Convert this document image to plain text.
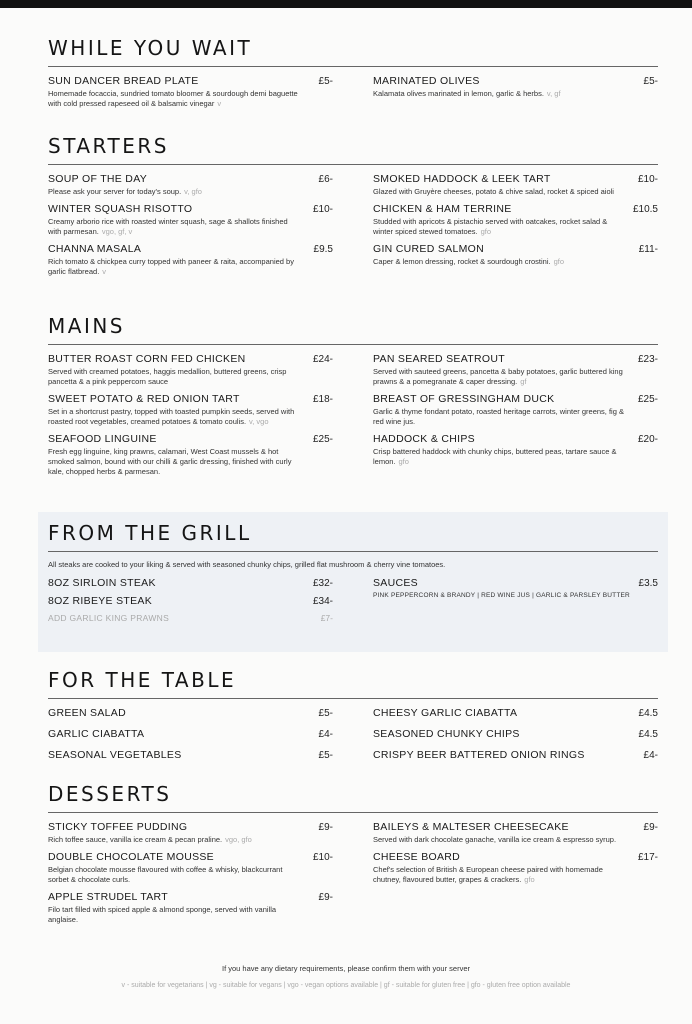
WHILE YOU WAIT
SUN DANCER BREAD PLATE	£5-
Homemade focaccia, sundried tomato bloomer & sourdough demi baguette with cold pressed rapeseed oil & balsamic vinegar v
MARINATED OLIVES	£5-
Kalamata olives marinated in lemon, garlic & herbs. v, gf
STARTERS
SOUP OF THE DAY	£6-
Please ask your server for today's soup. v, gfo
WINTER SQUASH RISOTTO	£10-
Creamy arborio rice with roasted winter squash, sage & shallots finished with parmesan. vgo, gf, v
CHANNA MASALA	£9.5
Rich tomato & chickpea curry topped with paneer & raita, accompanied by garlic flatbread. v
SMOKED HADDOCK & LEEK TART	£10-
Glazed with Gruyère cheeses, potato & chive salad, rocket & spiced aioli
CHICKEN & HAM TERRINE	£10.5
Studded with apricots & pistachio served with oatcakes, rocket salad & winter spiced stewed tomatoes. gfo
GIN CURED SALMON	£11-
Caper & lemon dressing, rocket & sourdough crostini. gfo
MAINS
BUTTER ROAST CORN FED CHICKEN	£24-
Served with creamed potatoes, haggis medallion, buttered greens, crisp pancetta & a pink peppercorn sauce
SWEET POTATO & RED ONION TART	£18-
Set in a shortcrust pastry, topped with toasted pumpkin seeds, served with roasted root vegetables, creamed potatoes & tomato coulis. v, vgo
SEAFOOD LINGUINE	£25-
Fresh egg linguine, king prawns, calamari, West Coast mussels & hot smoked salmon, bound with our chilli & garlic dressing, finished with curly kale, chopped herbs & parmesan.
PAN SEARED SEATROUT	£23-
Served with sauteed greens, pancetta & baby potatoes, garlic buttered king prawns & a pomegranate & caper dressing. gf
BREAST OF GRESSINGHAM DUCK	£25-
Garlic & thyme fondant potato, roasted heritage carrots, winter greens, fig & red wine jus.
HADDOCK & CHIPS	£20-
Crisp battered haddock with chunky chips, buttered peas, tartare sauce & lemon. gfo
FROM THE GRILL
All steaks are cooked to your liking & served with seasoned chunky chips, grilled flat mushroom & cherry vine tomatoes.
8OZ SIRLOIN STEAK	£32-
8OZ RIBEYE STEAK	£34-
ADD GARLIC KING PRAWNS	£7-
SAUCES	£3.5
PINK PEPPERCORN & BRANDY | RED WINE JUS | GARLIC & PARSLEY BUTTER
FOR THE TABLE
GREEN SALAD	£5-
GARLIC CIABATTA	£4-
SEASONAL VEGETABLES	£5-
CHEESY GARLIC CIABATTA	£4.5
SEASONED CHUNKY CHIPS	£4.5
CRISPY BEER BATTERED ONION RINGS	£4-
DESSERTS
STICKY TOFFEE PUDDING	£9-
Rich toffee sauce, vanilla ice cream & pecan praline. vgo, gfo
DOUBLE CHOCOLATE MOUSSE	£10-
Belgian chocolate mousse flavoured with coffee & whisky, blackcurrant sorbet & chocolate curls.
APPLE STRUDEL TART	£9-
Filo tart filled with spiced apple & almond sponge, served with vanilla anglaise.
BAILEYS & MALTESER CHEESECAKE	£9-
Served with dark chocolate ganache, vanilla ice cream & espresso syrup.
CHEESE BOARD	£17-
Chef's selection of British & European cheese paired with homemade chutney, flavoured butter, grapes & crackers. gfo
If you have any dietary requirements, please confirm them with your server
v - suitable for vegetarians | vg - suitable for vegans | vgo - vegan options available | gf - suitable for gluten free | gfo - gluten free option available
